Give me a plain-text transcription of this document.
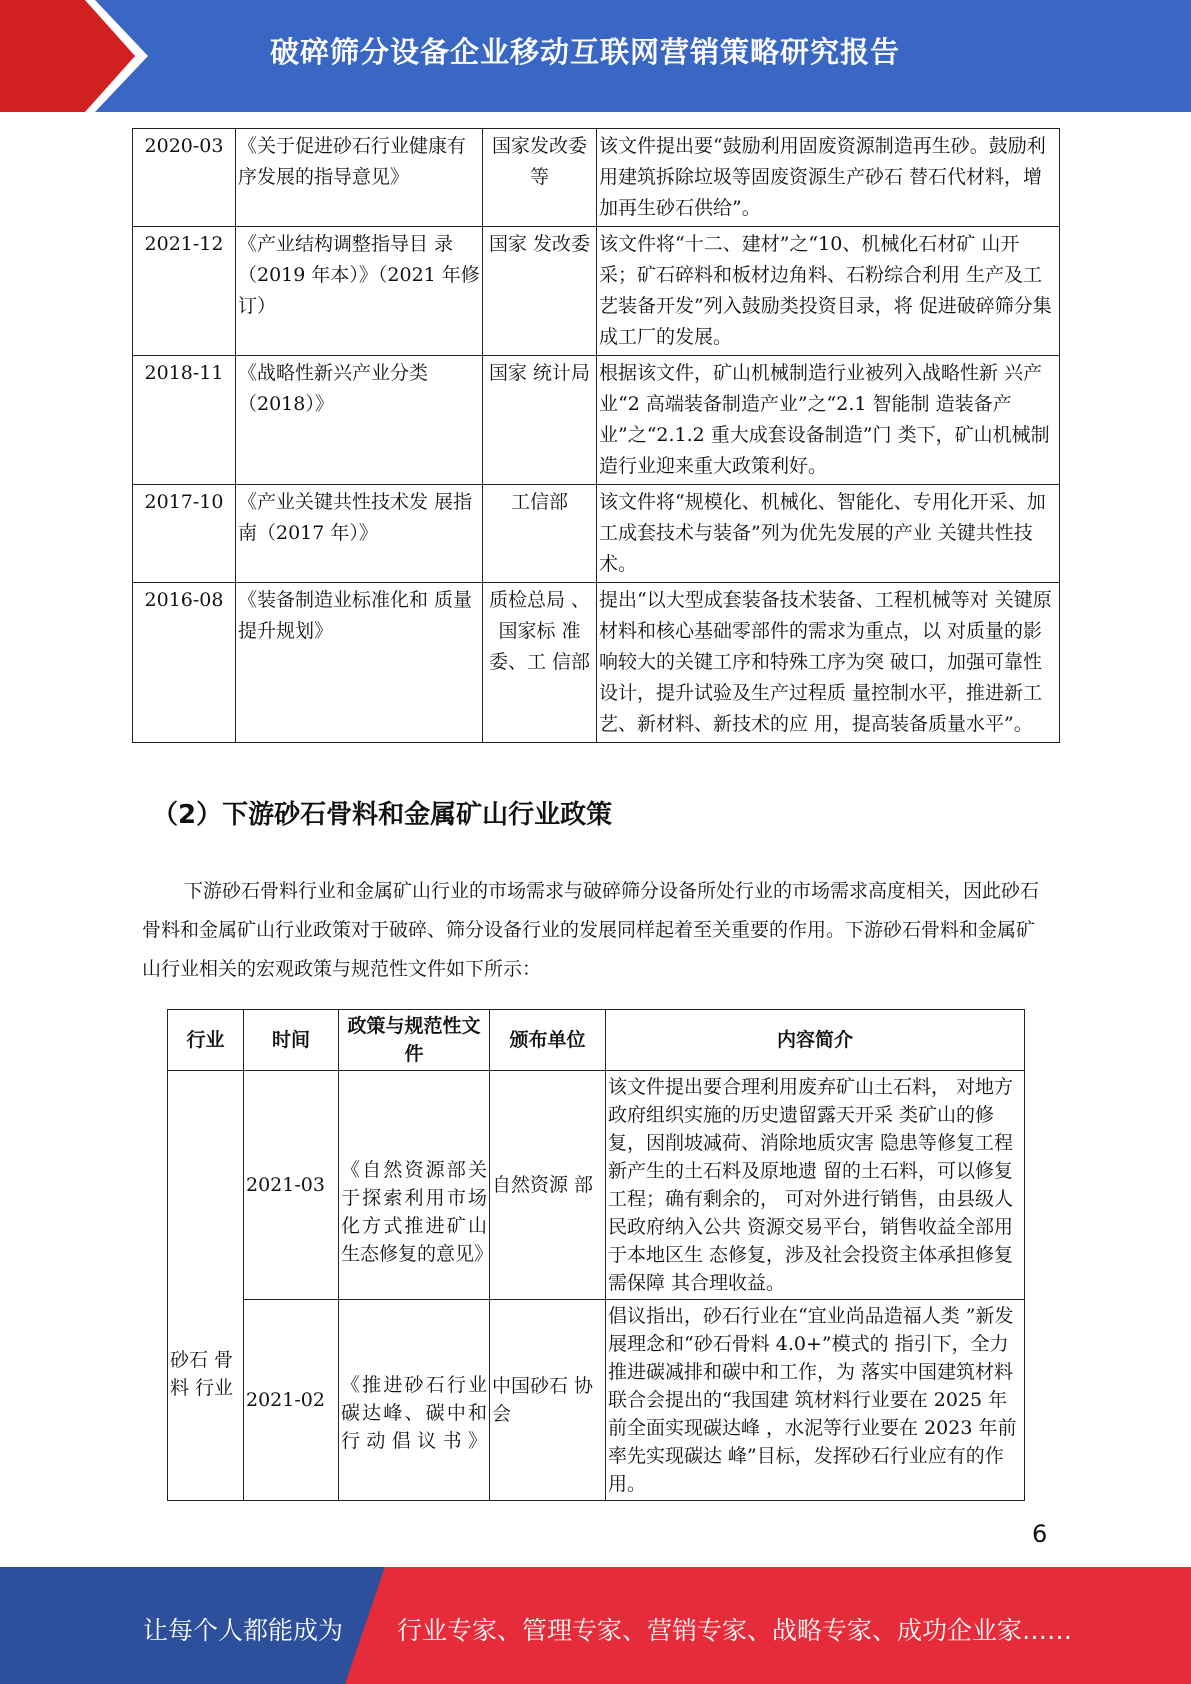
破碎筛分设备企业移动互联网营销策略研究报告
2020-03	《关于促进砂石行业健康有序发展的指导意见》	国家发改委等	该文件提出要“鼓励利用固废资源制造再生砂。鼓励利用建筑拆除垃圾等固废资源生产砂石 替石代材料，增加再生砂石供给”。
2021-12	《产业结构调整指导目 录（2019 年本）》（2021 年修订）	国家 发改委	该文件将“十二、建材”之“10、机械化石材矿 山开采；矿石碎料和板材边角料、石粉综合利用 生产及工艺装备开发”列入鼓励类投资目录，将 促进破碎筛分集成工厂的发展。
2018-11	《战略性新兴产业分类（2018）》	国家 统计局	根据该文件，矿山机械制造行业被列入战略性新 兴产业“2 高端装备制造产业”之“2.1 智能制 造装备产业”之“2.1.2 重大成套设备制造”门 类下，矿山机械制造行业迎来重大政策利好。
2017-10	《产业关键共性技术发 展指南（2017 年）》	工信部	该文件将“规模化、机械化、智能化、专用化开采、加工成套技术与装备”列为优先发展的产业 关键共性技术。
2016-08	《装备制造业标准化和 质量提升规划》	质检总局 、国家标 准委、工 信部	提出“以大型成套装备技术装备、工程机械等对 关键原材料和核心基础零部件的需求为重点，以 对质量的影响较大的关键工序和特殊工序为突 破口，加强可靠性设计，提升试验及生产过程质 量控制水平，推进新工艺、新材料、新技术的应 用，提高装备质量水平”。
（2）下游砂石骨料和金属矿山行业政策
下游砂石骨料行业和金属矿山行业的市场需求与破碎筛分设备所处行业的市场需求高度相关，因此砂石骨料和金属矿山行业政策对于破碎、筛分设备行业的发展同样起着至关重要的作用。下游砂石骨料和金属矿山行业相关的宏观政策与规范性文件如下所示：
行业	时间	政策与规范性文件	颁布单位	内容简介
砂石 骨料 行业	2021-03	《自然资源部关于探索利用市场化方式推进矿山生态修复的意见》	自然资源 部	该文件提出要合理利用废弃矿山土石料， 对地方政府组织实施的历史遗留露天开采 类矿山的修复，因削坡减荷、消除地质灾害 隐患等修复工程新产生的土石料及原地遗 留的土石料，可以修复工程；确有剩余的， 可对外进行销售，由县级人民政府纳入公共 资源交易平台，销售收益全部用于本地区生 态修复，涉及社会投资主体承担修复需保障 其合理收益。
	2021-02	《推进砂石行业碳达峰、碳中和行动倡议书》	中国砂石 协会	倡议指出，砂石行业在“宜业尚品造福人类 ”新发展理念和“砂石骨料 4.0+”模式的 指引下，全力推进碳减排和碳中和工作，为 落实中国建筑材料联合会提出的“我国建 筑材料行业要在 2025 年前全面实现碳达峰 ，水泥等行业要在 2023 年前率先实现碳达 峰”目标，发挥砂石行业应有的作用。
6
让每个人都能成为 行业专家、管理专家、营销专家、战略专家、成功企业家……
